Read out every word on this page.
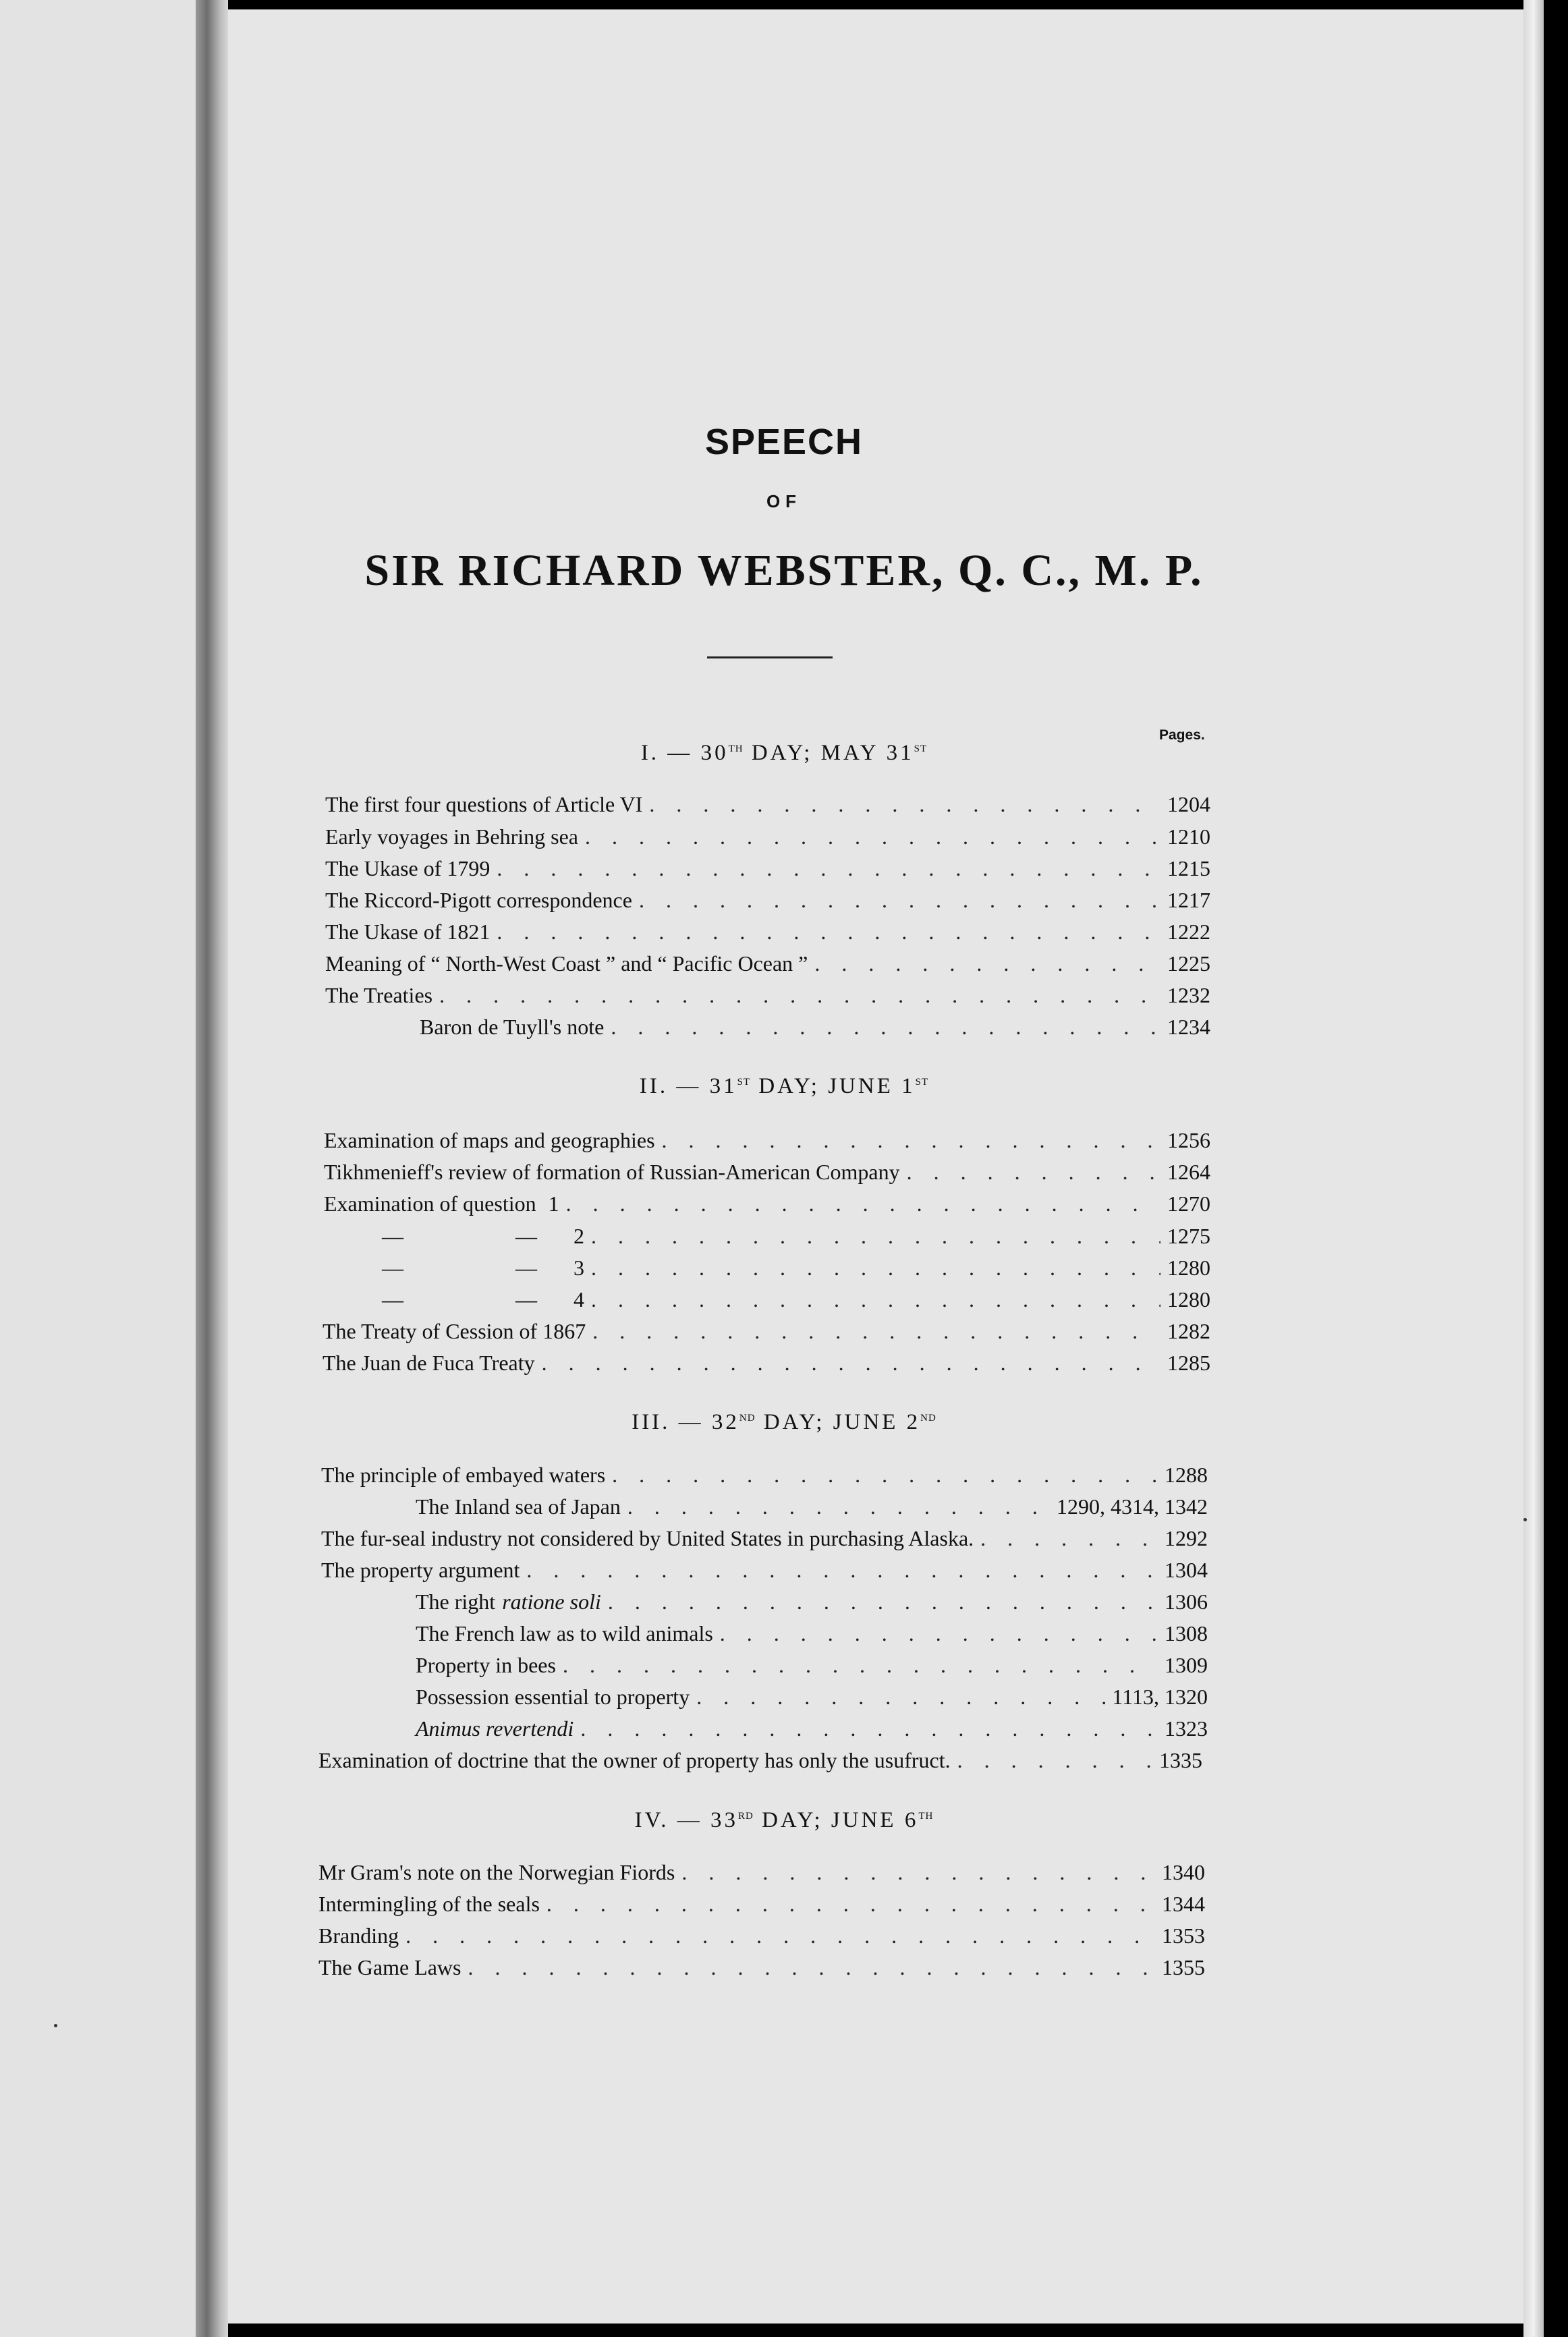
SPEECH
OF
SIR RICHARD WEBSTER, Q. C., M. P.
Pages.
I. — 30TH DAY; MAY 31ST
The first four questions of Article VI . . .	1204
Early voyages in Behring sea . . .	1210
The Ukase of 1799 . . .	1215
The Riccord-Pigott correspondence . . .	1217
The Ukase of 1821 . . .	1222
Meaning of “ North-West Coast ” and “ Pacific Ocean ” . . .	1225
The Treaties . . .	1232
Baron de Tuyll's note . . .	1234
II. — 31ST DAY; JUNE 1ST
Examination of maps and geographies . . .	1256
Tikhmenieff's review of formation of Russian-American Company . . .	1264
Examination of question 1 . . .	1270
—	— 2 . . .	1275
—	— 3 . . .	1280
—	— 4 . . .	1280
The Treaty of Cession of 1867 . . .	1282
The Juan de Fuca Treaty . . .	1285
III. — 32ND DAY; JUNE 2ND
The principle of embayed waters . . .	1288
The Inland sea of Japan . . .	1290, 4314, 1342
The fur-seal industry not considered by United States in purchasing Alaska. . . .	1292
The property argument . . .	1304
The right ratione soli . . .	1306
The French law as to wild animals . . .	1308
Property in bees . . .	1309
Possession essential to property . . .	1113, 1320
Animus revertendi . . .	1323
Examination of doctrine that the owner of property has only the usufruct. . . .	1335
IV. — 33RD DAY; JUNE 6TH
Mr Gram's note on the Norwegian Fiords . . .	1340
Intermingling of the seals . . .	1344
Branding . . .	1353
The Game Laws . . .	1355
